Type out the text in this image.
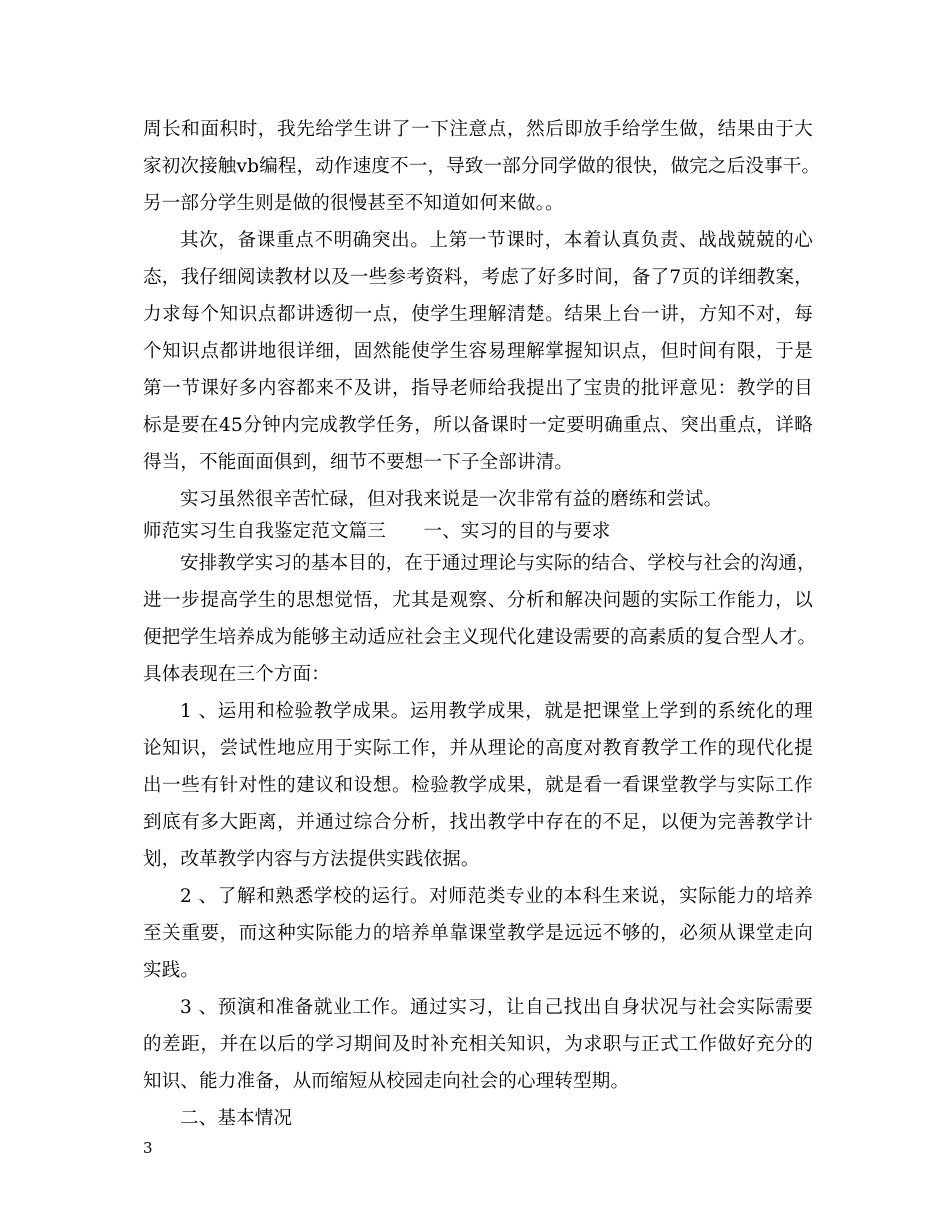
周长和面积时，我先给学生讲了一下注意点，然后即放手给学生做，结果由于大
家初次接触vb编程，动作速度不一，导致一部分同学做的很快，做完之后没事干。
另一部分学生则是做的很慢甚至不知道如何来做。。
其次，备课重点不明确突出。上第一节课时，本着认真负责、战战兢兢的心
态，我仔细阅读教材以及一些参考资料，考虑了好多时间，备了7页的详细教案，
力求每个知识点都讲透彻一点，使学生理解清楚。结果上台一讲，方知不对，每
个知识点都讲地很详细，固然能使学生容易理解掌握知识点，但时间有限，于是
第一节课好多内容都来不及讲，指导老师给我提出了宝贵的批评意见：教学的目
标是要在45分钟内完成教学任务，所以备课时一定要明确重点、突出重点，详略
得当，不能面面俱到，细节不要想一下子全部讲清。
实习虽然很辛苦忙碌，但对我来说是一次非常有益的磨练和尝试。
师范实习生自我鉴定范文篇三　　一、实习的目的与要求
安排教学实习的基本目的，在于通过理论与实际的结合、学校与社会的沟通，
进一步提高学生的思想觉悟，尤其是观察、分析和解决问题的实际工作能力，以
便把学生培养成为能够主动适应社会主义现代化建设需要的高素质的复合型人才。
具体表现在三个方面：
1 、运用和检验教学成果。运用教学成果，就是把课堂上学到的系统化的理
论知识，尝试性地应用于实际工作，并从理论的高度对教育教学工作的现代化提
出一些有针对性的建议和设想。检验教学成果，就是看一看课堂教学与实际工作
到底有多大距离，并通过综合分析，找出教学中存在的不足，以便为完善教学计
划，改革教学内容与方法提供实践依据。
2 、了解和熟悉学校的运行。对师范类专业的本科生来说，实际能力的培养
至关重要，而这种实际能力的培养单靠课堂教学是远远不够的，必须从课堂走向
实践。
3 、预演和准备就业工作。通过实习，让自己找出自身状况与社会实际需要
的差距，并在以后的学习期间及时补充相关知识，为求职与正式工作做好充分的
知识、能力准备，从而缩短从校园走向社会的心理转型期。
二、基本情况
3
